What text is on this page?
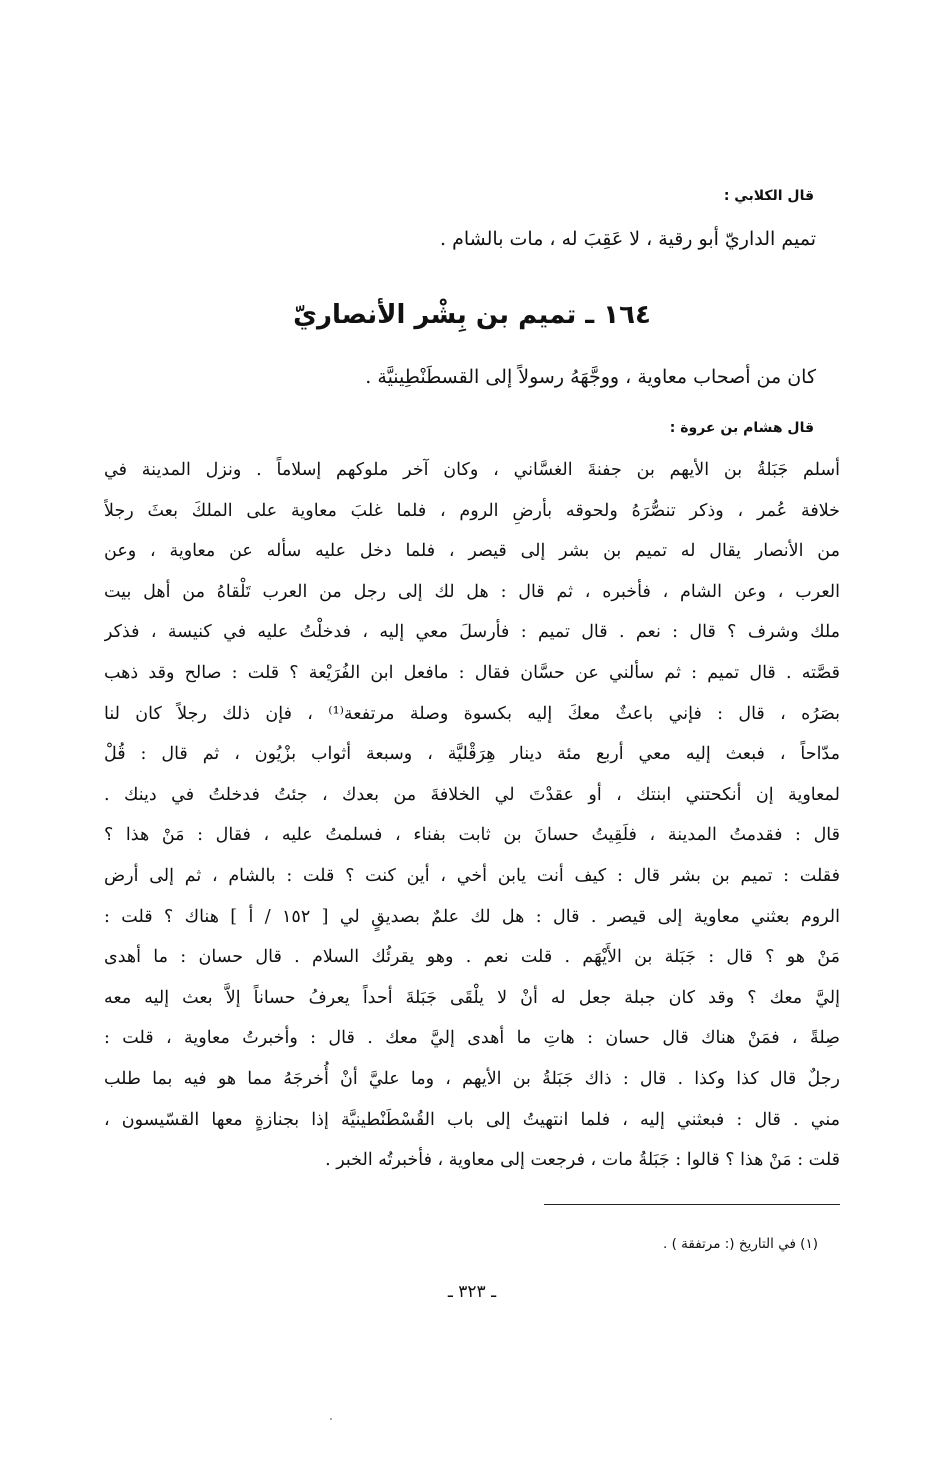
قال الكلابي :
تميم الداريّ أبو رقية ، لا عَقِبَ له ، مات بالشام .
١٦٤ ـ تميم بن بِشْر الأنصاريّ
كان من أصحاب معاوية ، ووجَّهَهُ رسولاً إلى القسطَنْطِينيَّة .
قال هشام بن عروة :
أسلم جَبَلةُ بن الأيهم بن جفنةَ الغسَّاني ، وكان آخر ملوكهم إسلاماً . ونزل المدينة في
خلافة عُمر ، وذكر تنصُّرَهُ ولحوقه بأرضِ الروم ، فلما غلبَ معاوية على الملكَ بعثَ رجلاً
من الأنصار يقال له تميم بن بشر إلى قيصر ، فلما دخل عليه سأله عن معاوية ، وعن
العرب ، وعن الشام ، فأخبره ، ثم قال : هل لك إلى رجل من العرب تَلْقاهُ من أهل بيت
ملك وشرف ؟ قال : نعم . قال تميم : فأرسلَ معي إليه ، فدخلْتُ عليه في كنيسة ، فذكر
قصَّته . قال تميم : ثم سألني عن حسَّان فقال : مافعل ابن الفُرَيْعة ؟ قلت : صالح وقد ذهب
بصَرُه ، قال : فإني باعثٌ معكَ إليه بكسوة وصلة مرتفعة⁽¹⁾ ، فإن ذلك رجلاً كان لنا
مدّاحاً ، فبعث إليه معي أربع مئة دينار هِرَقْليَّة ، وسبعة أثواب بزْيُون ، ثم قال : قُلْ
لمعاوية إن أنكحتني ابنتك ، أو عقدْتَ لي الخلافةَ من بعدك ، جئتُ فدخلتُ في دينك .
قال : فقدمتُ المدينة ، فلَقِيتُ حسانَ بن ثابت بفناء ، فسلمتُ عليه ، فقال : مَنْ هذا ؟
فقلت : تميم بن بشر قال : كيف أنت يابن أخي ، أين كنت ؟ قلت : بالشام ، ثم إلى أرض
الروم بعثني معاوية إلى قيصر . قال : هل لك علمٌ بصديقٍ لي [ ١٥٢ / أ ] هناك ؟ قلت :
مَنْ هو ؟ قال : جَبَلة بن الأَيْهَم . قلت نعم . وهو يقرئُك السلام . قال حسان : ما أهدى
إليَّ معك ؟ وقد كان جبلة جعل له أنْ لا يلْقَى جَبَلةَ أحداً يعرفُ حساناً إلاَّ بعث إليه معه
صِلةً ، فمَنْ هناك قال حسان : هاتِ ما أهدى إليَّ معك . قال : وأخبرتُ معاوية ، قلت :
رجلٌ قال كذا وكذا . قال : ذاك جَبَلةُ بن الأيهم ، وما عليَّ أنْ أُخرجَهُ مما هو فيه بما طلب
مني . قال : فبعثني إليه ، فلما انتهيتُ إلى باب القُسْطَنْطينيَّة إذا بجنازةٍ معها القسّيسون ،
قلت : مَنْ هذا ؟ قالوا : جَبَلةُ مات ، فرجعت إلى معاوية ، فأخبرتُه الخبر .
(١) في التاريخ (: مرتفقة ) .
ـ ٣٢٣ ـ
